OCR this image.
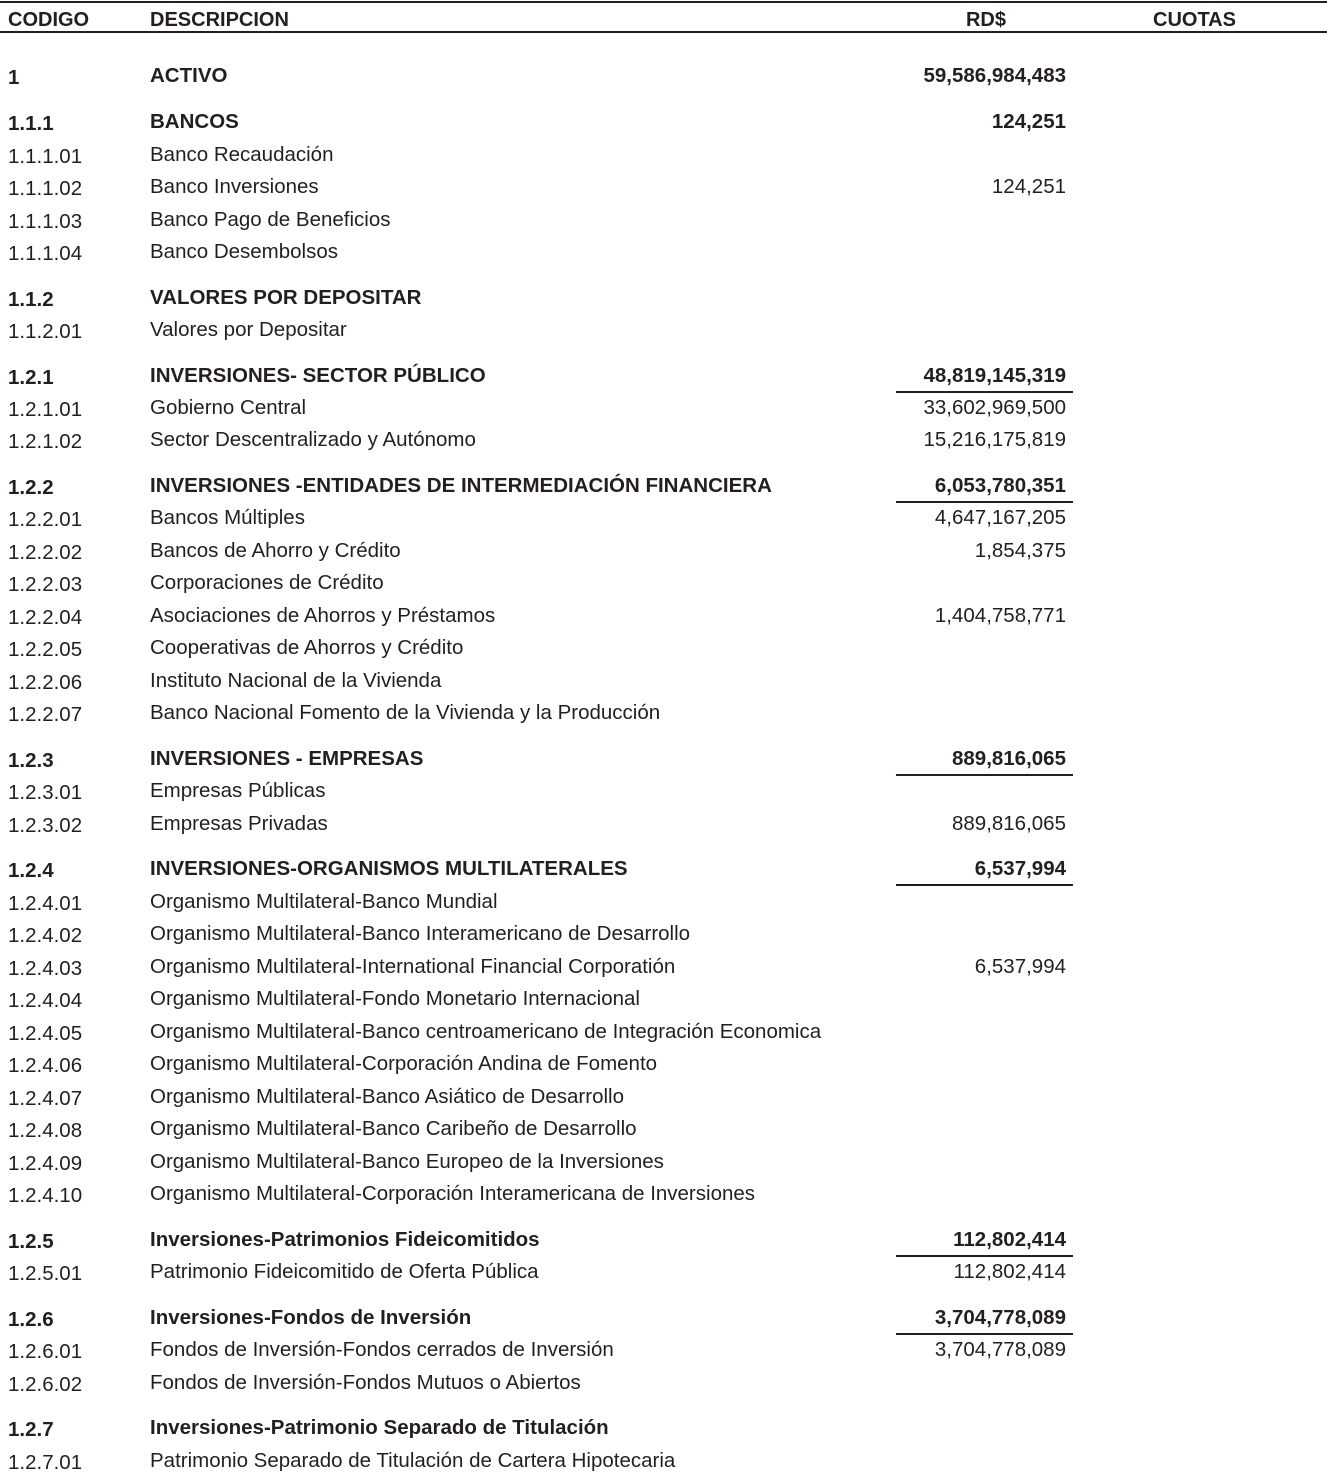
CODIGO	DESCRIPCION	RD$	CUOTAS
1	ACTIVO	59,586,984,483
1.1.1	BANCOS	124,251
1.1.1.01	Banco Recaudación
1.1.1.02	Banco Inversiones	124,251
1.1.1.03	Banco Pago de Beneficios
1.1.1.04	Banco Desembolsos
1.1.2	VALORES POR DEPOSITAR
1.1.2.01	Valores por Depositar
1.2.1	INVERSIONES- SECTOR PÚBLICO	48,819,145,319
1.2.1.01	Gobierno Central	33,602,969,500
1.2.1.02	Sector Descentralizado y Autónomo	15,216,175,819
1.2.2	INVERSIONES -ENTIDADES DE INTERMEDIACIÓN FINANCIERA	6,053,780,351
1.2.2.01	Bancos Múltiples	4,647,167,205
1.2.2.02	Bancos de Ahorro y Crédito	1,854,375
1.2.2.03	Corporaciones de Crédito
1.2.2.04	Asociaciones de Ahorros y Préstamos	1,404,758,771
1.2.2.05	Cooperativas de Ahorros y Crédito
1.2.2.06	Instituto Nacional de la Vivienda
1.2.2.07	Banco Nacional Fomento de la Vivienda y la Producción
1.2.3	INVERSIONES - EMPRESAS	889,816,065
1.2.3.01	Empresas Públicas
1.2.3.02	Empresas Privadas	889,816,065
1.2.4	INVERSIONES-ORGANISMOS MULTILATERALES	6,537,994
1.2.4.01	Organismo Multilateral-Banco Mundial
1.2.4.02	Organismo Multilateral-Banco Interamericano de Desarrollo
1.2.4.03	Organismo Multilateral-International Financial Corporatión	6,537,994
1.2.4.04	Organismo Multilateral-Fondo Monetario Internacional
1.2.4.05	Organismo Multilateral-Banco centroamericano de Integración Economica
1.2.4.06	Organismo Multilateral-Corporación Andina de Fomento
1.2.4.07	Organismo Multilateral-Banco Asiático de Desarrollo
1.2.4.08	Organismo Multilateral-Banco Caribeño de Desarrollo
1.2.4.09	Organismo Multilateral-Banco Europeo de la Inversiones
1.2.4.10	Organismo Multilateral-Corporación Interamericana de Inversiones
1.2.5	Inversiones-Patrimonios Fideicomitidos	112,802,414
1.2.5.01	Patrimonio Fideicomitido de Oferta Pública	112,802,414
1.2.6	Inversiones-Fondos de Inversión	3,704,778,089
1.2.6.01	Fondos de Inversión-Fondos cerrados de Inversión	3,704,778,089
1.2.6.02	Fondos de Inversión-Fondos Mutuos o Abiertos
1.2.7	Inversiones-Patrimonio Separado de Titulación
1.2.7.01	Patrimonio Separado de Titulación de Cartera Hipotecaria
